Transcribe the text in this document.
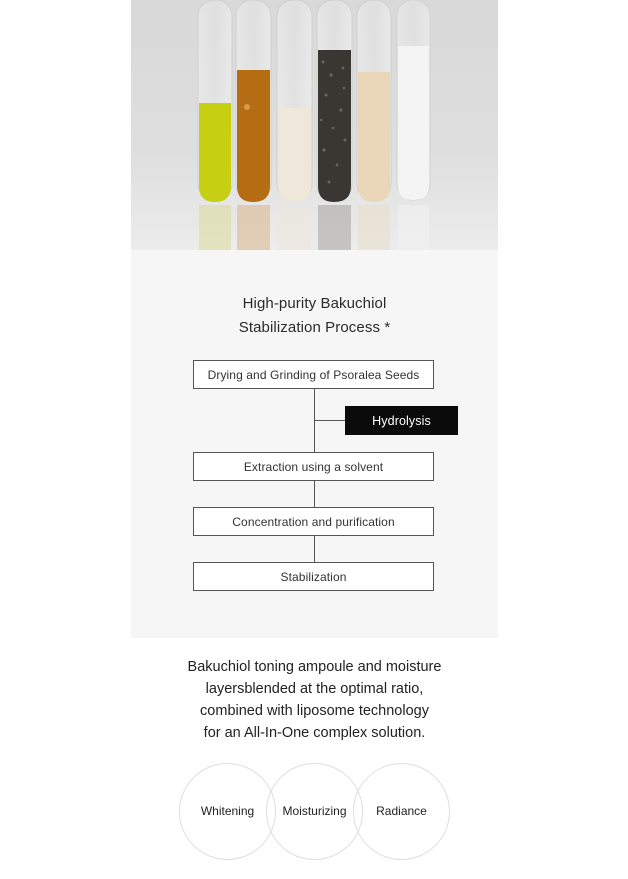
High-purity Bakuchiol
Stabilization Process *
Drying and Grinding of Psoralea Seeds
Hydrolysis
Extraction using a solvent
Concentration and purification
Stabilization
Bakuchiol toning ampoule and moisture
layersblended at the optimal ratio,
combined with liposome technology
for an All-In-One complex solution.
Whitening	Moisturizing	Radiance
